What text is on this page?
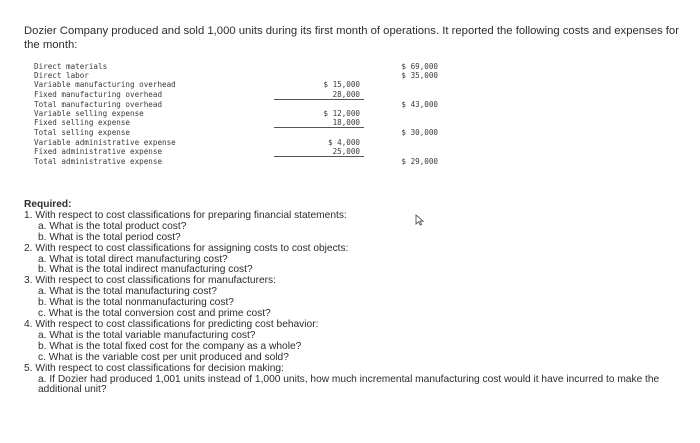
Dozier Company produced and sold 1,000 units during its first month of operations. It reported the following costs and expenses for the month:
Direct materials		$ 69,000
Direct labor		$ 35,000
Variable manufacturing overhead	$ 15,000	
Fixed manufacturing overhead	28,000	
Total manufacturing overhead		$ 43,000
Variable selling expense	$ 12,000	
Fixed selling expense	18,000	
Total selling expense		$ 30,000
Variable administrative expense	$ 4,000	
Fixed administrative expense	25,000	
Total administrative expense		$ 29,000
Required:
1. With respect to cost classifications for preparing financial statements:
a. What is the total product cost?
b. What is the total period cost?
2. With respect to cost classifications for assigning costs to cost objects:
a. What is total direct manufacturing cost?
b. What is the total indirect manufacturing cost?
3. With respect to cost classifications for manufacturers:
a. What is the total manufacturing cost?
b. What is the total nonmanufacturing cost?
c. What is the total conversion cost and prime cost?
4. With respect to cost classifications for predicting cost behavior:
a. What is the total variable manufacturing cost?
b. What is the total fixed cost for the company as a whole?
c. What is the variable cost per unit produced and sold?
5. With respect to cost classifications for decision making:
a. If Dozier had produced 1,001 units instead of 1,000 units, how much incremental manufacturing cost would it have incurred to make the additional unit?
